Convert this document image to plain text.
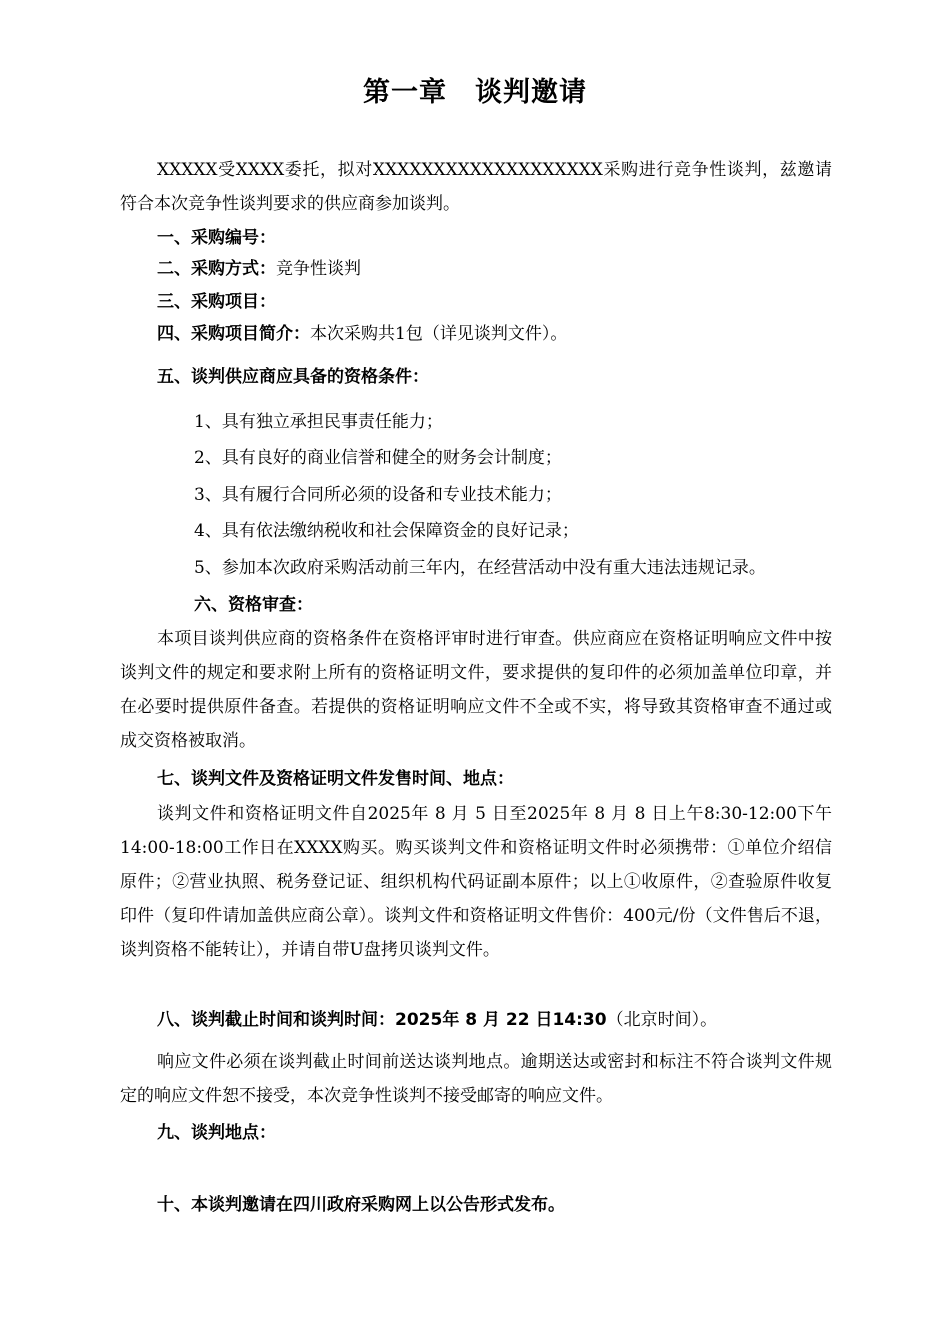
第一章 谈判邀请
XXXXX受XXXX委托，拟对XXXXXXXXXXXXXXXXXXX采购进行竞争性谈判，兹邀请符合本次竞争性谈判要求的供应商参加谈判。
一、采购编号：
二、采购方式：竞争性谈判
三、采购项目：
四、采购项目简介：本次采购共1包（详见谈判文件）。
五、谈判供应商应具备的资格条件：
1、具有独立承担民事责任能力；
2、具有良好的商业信誉和健全的财务会计制度；
3、具有履行合同所必须的设备和专业技术能力；
4、具有依法缴纳税收和社会保障资金的良好记录；
5、参加本次政府采购活动前三年内，在经营活动中没有重大违法违规记录。
六、资格审查：
本项目谈判供应商的资格条件在资格评审时进行审查。供应商应在资格证明响应文件中按谈判文件的规定和要求附上所有的资格证明文件，要求提供的复印件的必须加盖单位印章，并在必要时提供原件备查。若提供的资格证明响应文件不全或不实，将导致其资格审查不通过或成交资格被取消。
七、谈判文件及资格证明文件发售时间、地点：
谈判文件和资格证明文件自2025年 8 月 5 日至2025年 8 月 8 日上午8:30-12:00下午14:00-18:00工作日在XXXX购买。购买谈判文件和资格证明文件时必须携带：①单位介绍信原件；②营业执照、税务登记证、组织机构代码证副本原件；以上①收原件，②查验原件收复印件（复印件请加盖供应商公章）。谈判文件和资格证明文件售价：400元/份（文件售后不退，谈判资格不能转让），并请自带U盘拷贝谈判文件。
八、谈判截止时间和谈判时间：2025年 8 月 22 日14:30（北京时间）。
响应文件必须在谈判截止时间前送达谈判地点。逾期送达或密封和标注不符合谈判文件规定的响应文件恕不接受，本次竞争性谈判不接受邮寄的响应文件。
九、谈判地点：
十、本谈判邀请在四川政府采购网上以公告形式发布。
